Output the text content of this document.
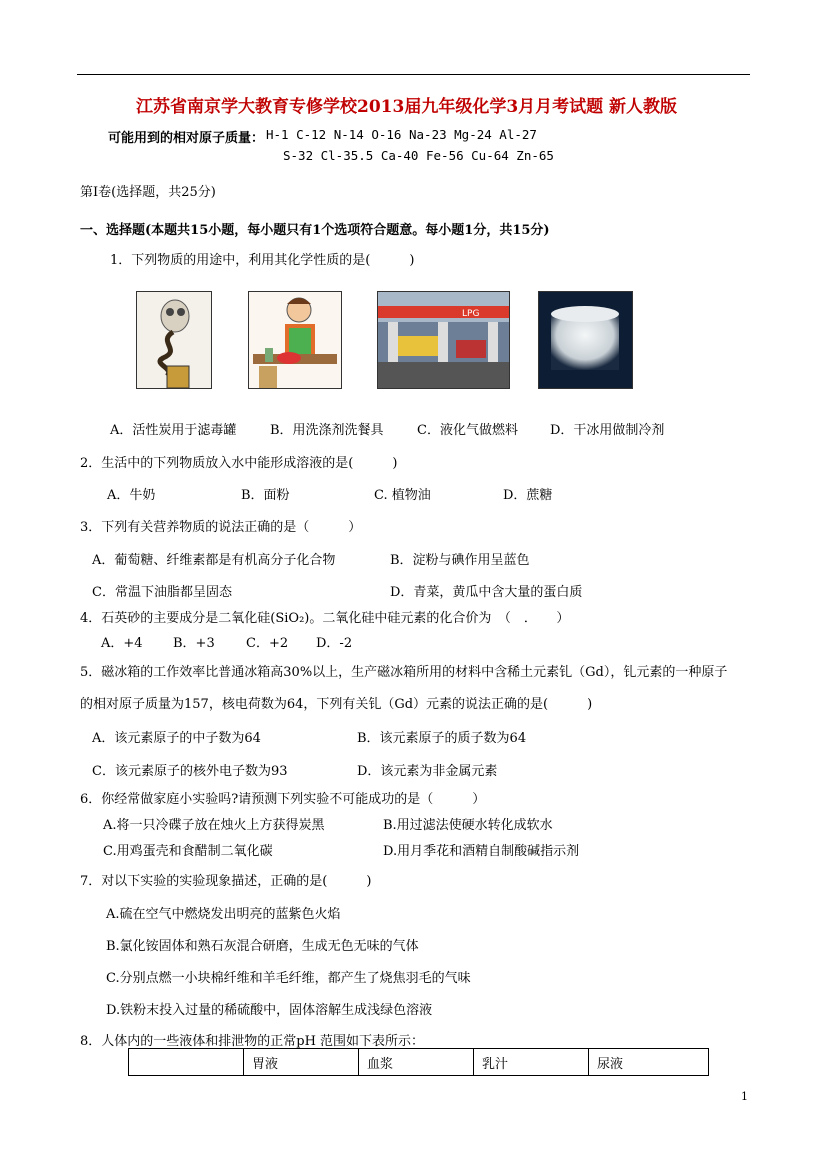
江苏省南京学大教育专修学校2013届九年级化学3月月考试题 新人教版
可能用到的相对原子质量： H-1 C-12 N-14 O-16 Na-23 Mg-24 Al-27
S-32 Cl-35.5 Ca-40 Fe-56 Cu-64 Zn-65
第Ⅰ卷(选择题，共25分)
一、选择题(本题共15小题，每小题只有1个选项符合题意。每小题1分，共15分)
1．下列物质的用途中，利用其化学性质的是(　　　)
LPG
A．活性炭用于滤毒罐	B．用洗涤剂洗餐具	C．液化气做燃料 D．干冰用做制冷剂
2．生活中的下列物质放入水中能形成溶液的是(　　　)
A．牛奶	B．面粉	C. 植物油	D．蔗糖
3．下列有关营养物质的说法正确的是（　　　）
A．葡萄糖、纤维素都是有机高分子化合物	B．淀粉与碘作用呈蓝色
C．常温下油脂都呈固态	D．青菜，黄瓜中含大量的蛋白质
4．石英砂的主要成分是二氧化硅(SiO₂)。二氧化硅中硅元素的化合价为　（　．　　）
A．+4 B．+3 C．+2 D．-2
5．磁冰箱的工作效率比普通冰箱高30%以上，生产磁冰箱所用的材料中含稀土元素钆（Gd），钆元素的一种原子
的相对原子质量为157，核电荷数为64，下列有关钆（Gd）元素的说法正确的是(　　　)
A．该元素原子的中子数为64	B．该元素原子的质子数为64
C．该元素原子的核外电子数为93	D．该元素为非金属元素
6．你经常做家庭小实验吗?请预测下列实验不可能成功的是（　　　）
A.将一只冷碟子放在烛火上方获得炭黑	B.用过滤法使硬水转化成软水
C.用鸡蛋壳和食醋制二氧化碳	D.用月季花和酒精自制酸碱指示剂
7．对以下实验的实验现象描述，正确的是(　　　)
A.硫在空气中燃烧发出明亮的蓝紫色火焰
B.氯化铵固体和熟石灰混合研磨，生成无色无味的气体
C.分别点燃一小块棉纤维和羊毛纤维，都产生了烧焦羽毛的气味
D.铁粉末投入过量的稀硫酸中，固体溶解生成浅绿色溶液
8．人体内的一些液体和排泄物的正常pH 范围如下表所示：
	胃液	血浆	乳汁	尿液
1
